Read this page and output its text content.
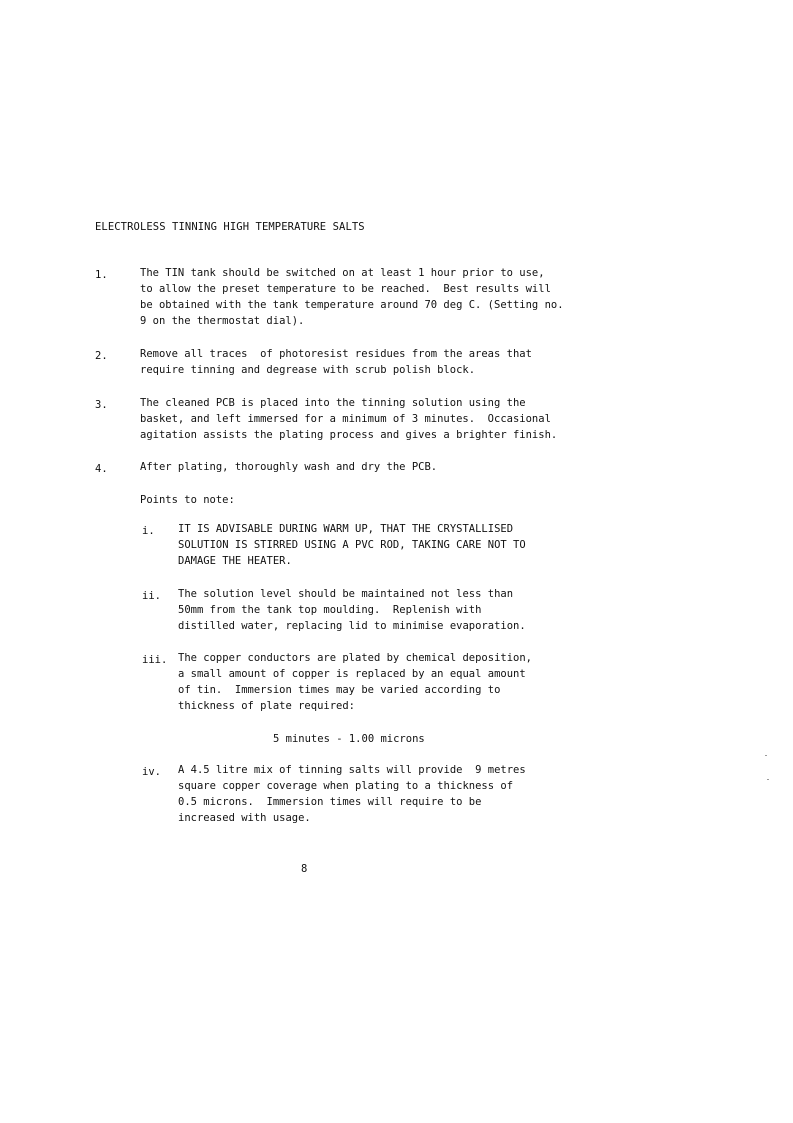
ELECTROLESS TINNING HIGH TEMPERATURE SALTS
1.	The TIN tank should be switched on at least 1 hour prior to use,
to allow the preset temperature to be reached.  Best results will
be obtained with the tank temperature around 70 deg C. (Setting no.
9 on the thermostat dial).
2.	Remove all traces  of photoresist residues from the areas that
require tinning and degrease with scrub polish block.
3.	The cleaned PCB is placed into the tinning solution using the
basket, and left immersed for a minimum of 3 minutes.  Occasional
agitation assists the plating process and gives a brighter finish.
4.	After plating, thoroughly wash and dry the PCB.
Points to note:
i. IT IS ADVISABLE DURING WARM UP, THAT THE CRYSTALLISED
SOLUTION IS STIRRED USING A PVC ROD, TAKING CARE NOT TO
DAMAGE THE HEATER.
ii. The solution level should be maintained not less than
50mm from the tank top moulding.  Replenish with
distilled water, replacing lid to minimise evaporation.
iii. The copper conductors are plated by chemical deposition,
a small amount of copper is replaced by an equal amount
of tin.  Immersion times may be varied according to
thickness of plate required:
5 minutes - 1.00 microns
iv. A 4.5 litre mix of tinning salts will provide  9 metres
square copper coverage when plating to a thickness of
0.5 microns.  Immersion times will require to be
increased with usage.
8
